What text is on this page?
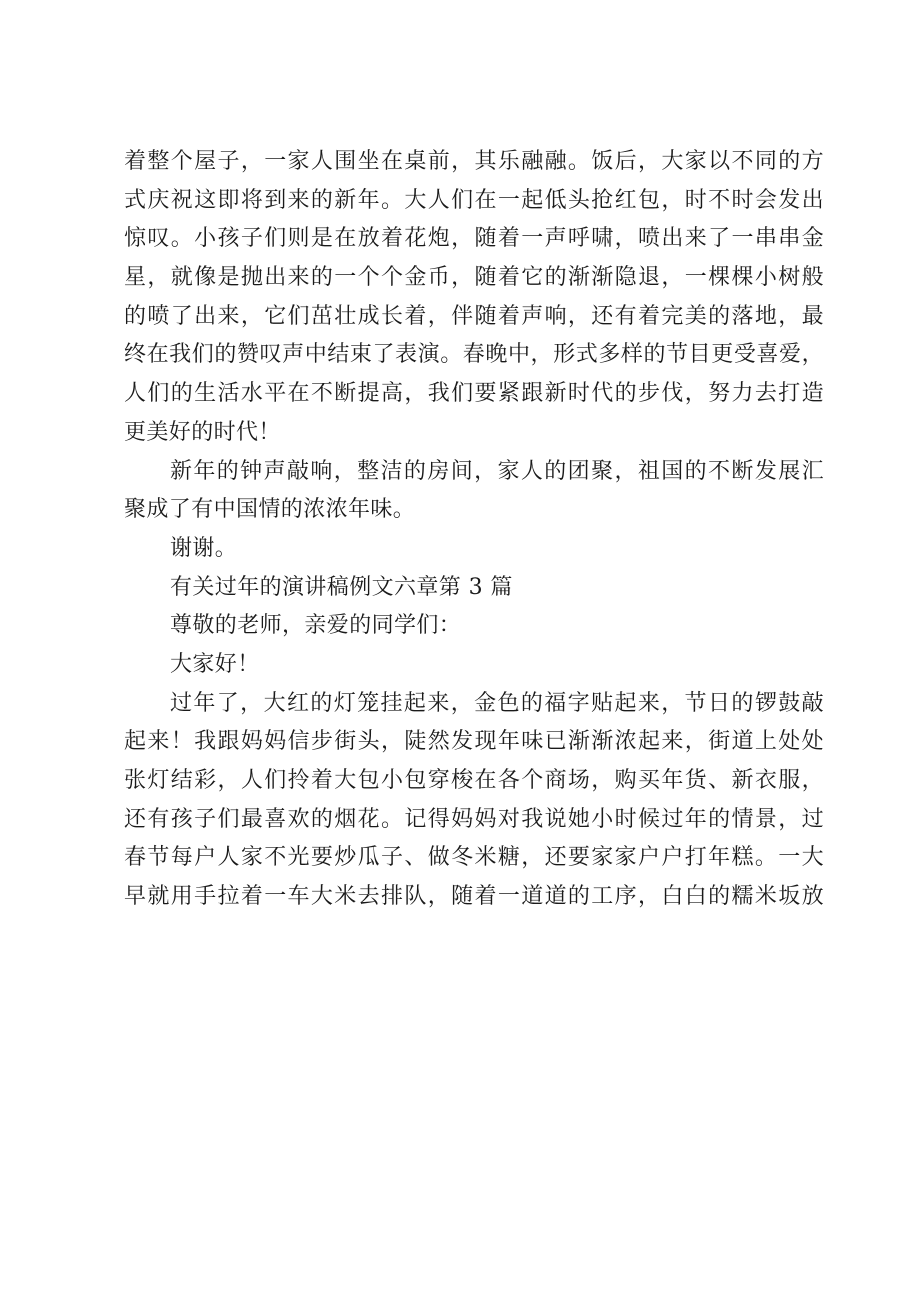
着整个屋子，一家人围坐在桌前，其乐融融。饭后，大家以不同的方
式庆祝这即将到来的新年。大人们在一起低头抢红包，时不时会发出
惊叹。小孩子们则是在放着花炮，随着一声呼啸，喷出来了一串串金
星，就像是抛出来的一个个金币，随着它的渐渐隐退，一棵棵小树般
的喷了出来，它们茁壮成长着，伴随着声响，还有着完美的落地，最
终在我们的赞叹声中结束了表演。春晚中，形式多样的节目更受喜爱，
人们的生活水平在不断提高，我们要紧跟新时代的步伐，努力去打造
更美好的时代！
新年的钟声敲响，整洁的房间，家人的团聚，祖国的不断发展汇
聚成了有中国情的浓浓年味。
谢谢。
有关过年的演讲稿例文六章第 3 篇
尊敬的老师，亲爱的同学们：
大家好！
过年了，大红的灯笼挂起来，金色的福字贴起来，节日的锣鼓敲
起来！我跟妈妈信步街头，陡然发现年味已渐渐浓起来，街道上处处
张灯结彩，人们拎着大包小包穿梭在各个商场，购买年货、新衣服，
还有孩子们最喜欢的烟花。记得妈妈对我说她小时候过年的情景，过
春节每户人家不光要炒瓜子、做冬米糖，还要家家户户打年糕。一大
早就用手拉着一车大米去排队，随着一道道的工序，白白的糯米坂放
